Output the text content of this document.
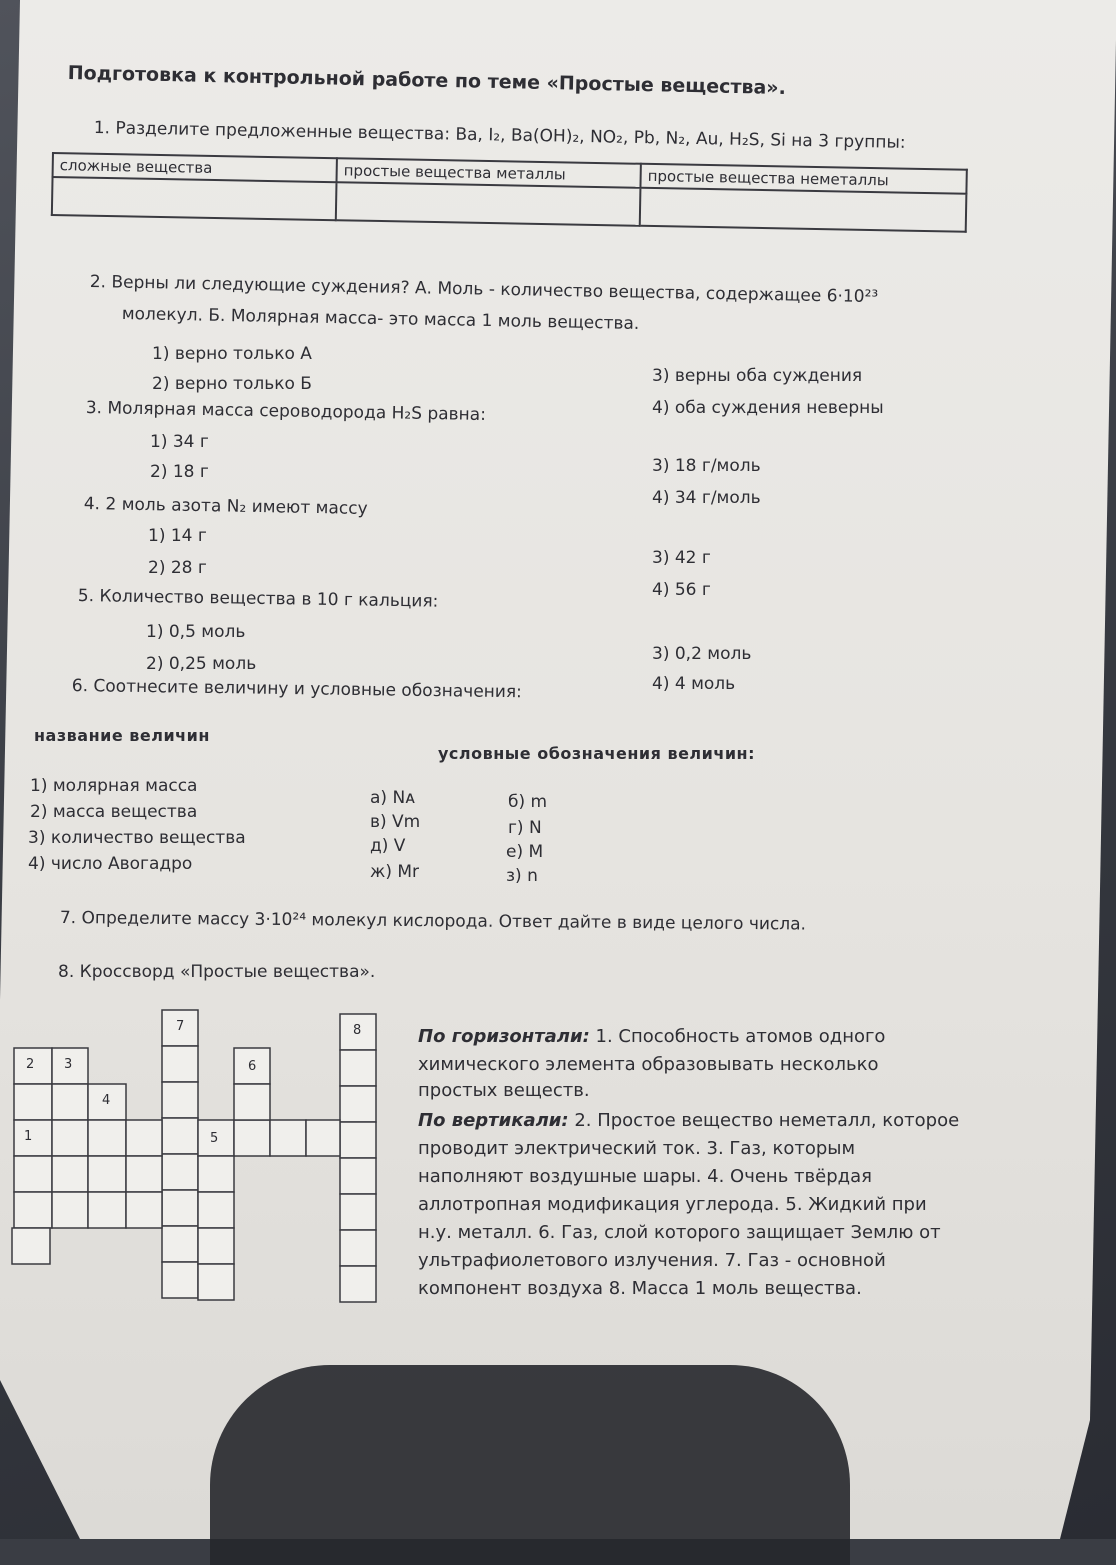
Подготовка к контрольной работе по теме «Простые вещества».
1. Разделите предложенные вещества: Ba, I₂, Ba(OH)₂, NO₂, Pb, N₂, Au, H₂S, Si на 3 группы:
сложные вещества	простые вещества металлы	простые вещества неметаллы

2. Верны ли следующие суждения? А. Моль - количество вещества, содержащее 6·10²³
молекул. Б. Молярная масса- это масса 1 моль вещества.
1) верно только А
2) верно только Б	3) верны оба суждения
4) оба суждения неверны
3. Молярная масса сероводорода H₂S равна:
1) 34 г
2) 18 г	3) 18 г/моль
4) 34 г/моль
4. 2 моль азота N₂ имеют массу
1) 14 г
2) 28 г	3) 42 г
4) 56 г
5. Количество вещества в 10 г кальция:
1) 0,5 моль
2) 0,25 моль	3) 0,2 моль
4) 4 моль
6. Соотнесите величину и условные обозначения:
название величин
условные обозначения величин:
1) молярная масса
2) масса вещества
3) количество вещества
4) число Авогадро
а) Nᴀ
в) Vm
д) V
ж) Mr
б) m
г) N
е) M
з) n
7. Определите массу 3·10²⁴ молекул кислорода. Ответ дайте в виде целого числа.
8. Кроссворд «Простые вещества».
7	8
2 3	6
4
1	5
По горизонтали: 1. Способность атомов одного
химического элемента образовывать несколько
простых веществ.
По вертикали: 2. Простое вещество неметалл, которое
проводит электрический ток. 3. Газ, которым
наполняют воздушные шары. 4. Очень твёрдая
аллотропная модификация углерода. 5. Жидкий при
н.у. металл. 6. Газ, слой которого защищает Землю от
ультрафиолетового излучения. 7. Газ - основной
компонент воздуха 8. Масса 1 моль вещества.
